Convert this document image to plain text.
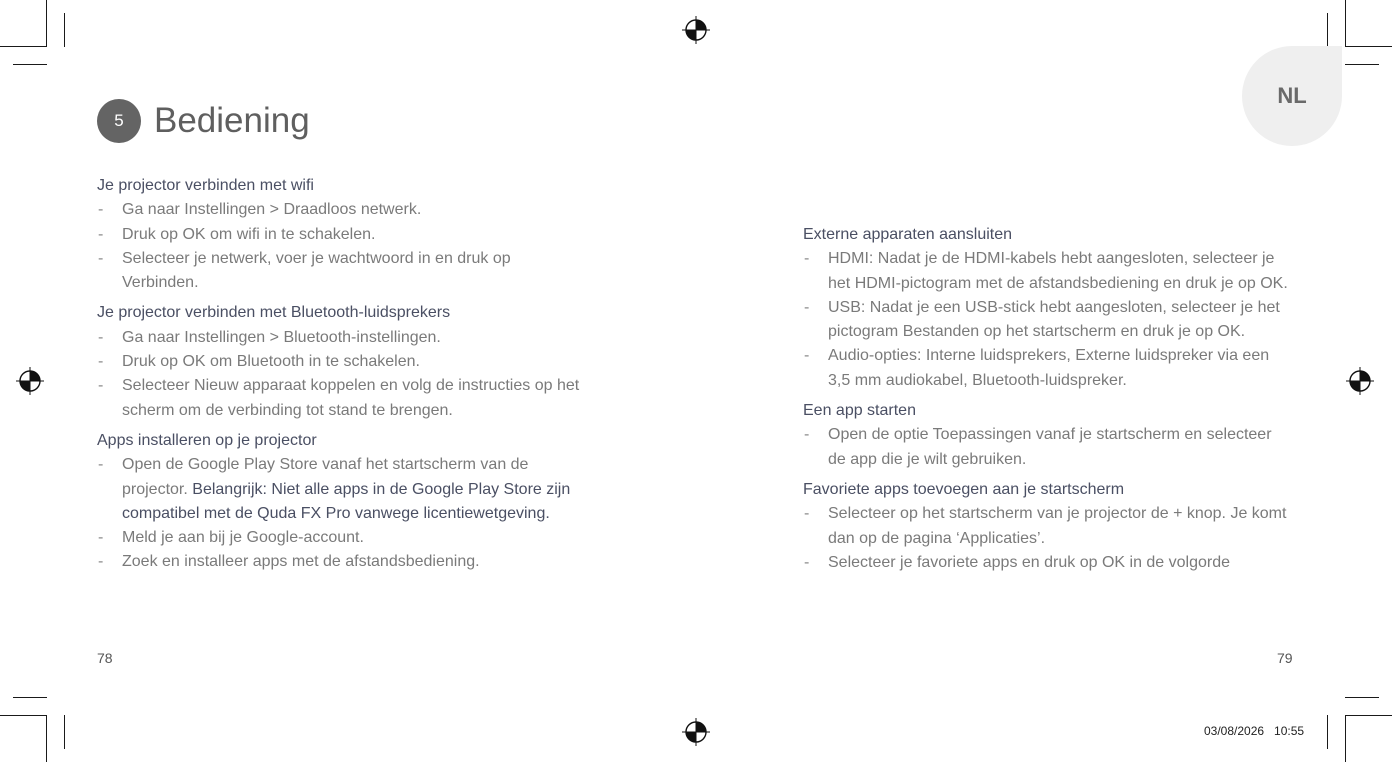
5 Bediening
NL
Je projector verbinden met wifi
- Ga naar Instellingen > Draadloos netwerk.
- Druk op OK om wifi in te schakelen.
- Selecteer je netwerk, voer je wachtwoord in en druk op Verbinden.
Je projector verbinden met Bluetooth-luidsprekers
- Ga naar Instellingen > Bluetooth-instellingen.
- Druk op OK om Bluetooth in te schakelen.
- Selecteer Nieuw apparaat koppelen en volg de instructies op het scherm om de verbinding tot stand te brengen.
Apps installeren op je projector
- Open de Google Play Store vanaf het startscherm van de projector. Belangrijk: Niet alle apps in de Google Play Store zijn compatibel met de Quda FX Pro vanwege licentiewetgeving.
- Meld je aan bij je Google-account.
- Zoek en installeer apps met de afstandsbediening.
Externe apparaten aansluiten
- HDMI: Nadat je de HDMI-kabels hebt aangesloten, selecteer je het HDMI-pictogram met de afstandsbediening en druk je op OK.
- USB: Nadat je een USB-stick hebt aangesloten, selecteer je het pictogram Bestanden op het startscherm en druk je op OK.
- Audio-opties: Interne luidsprekers, Externe luidspreker via een 3,5 mm audiokabel, Bluetooth-luidspreker.
Een app starten
- Open de optie Toepassingen vanaf je startscherm en selecteer de app die je wilt gebruiken.
Favoriete apps toevoegen aan je startscherm
- Selecteer op het startscherm van je projector de + knop. Je komt dan op de pagina ‘Applicaties’.
- Selecteer je favoriete apps en druk op OK in de volgorde
78	79
03/08/2026   10:55
